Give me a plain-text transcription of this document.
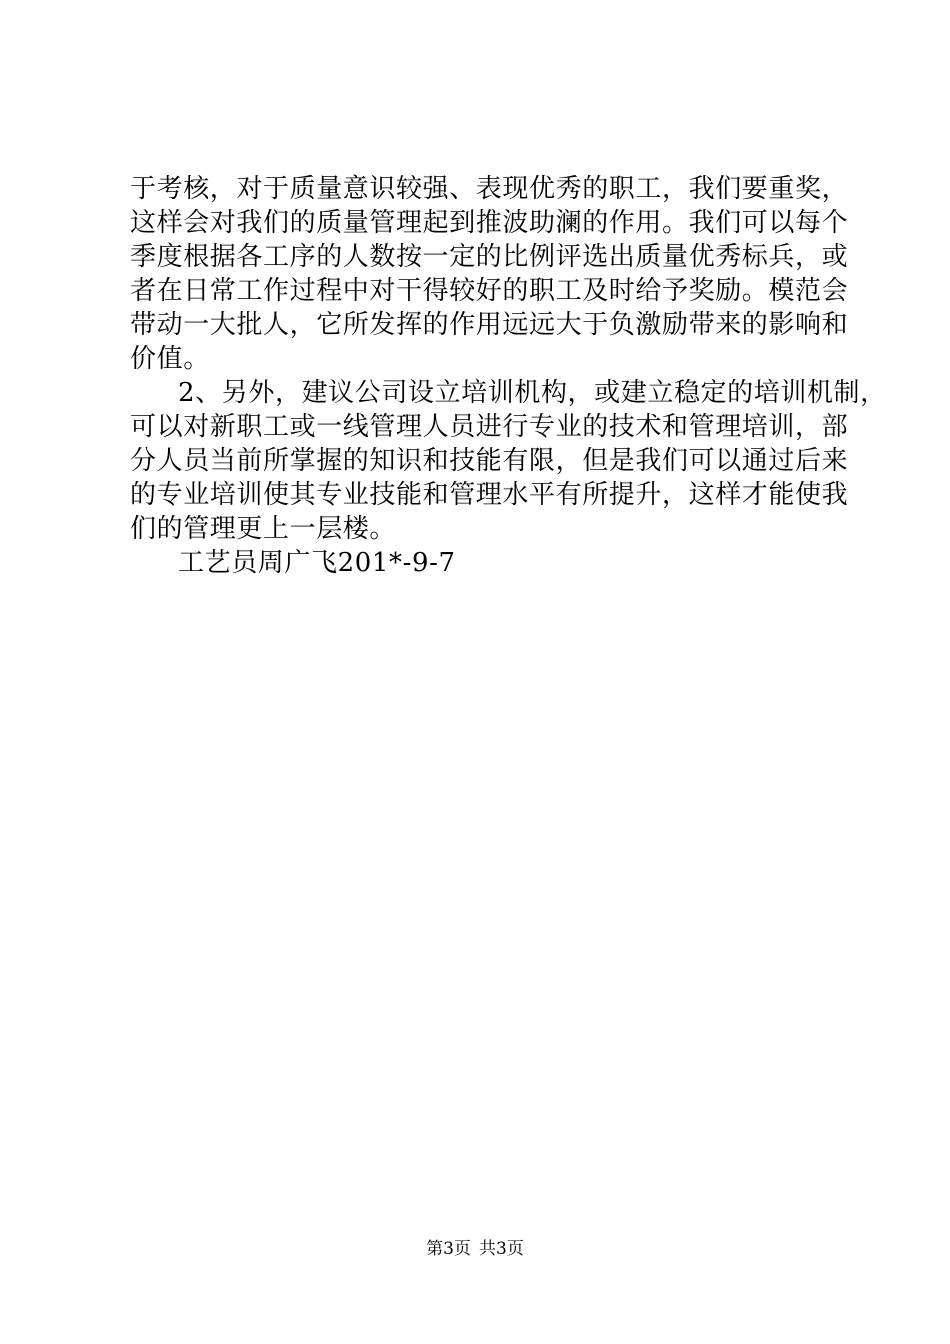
于考核，对于质量意识较强、表现优秀的职工，我们要重奖，
这样会对我们的质量管理起到推波助澜的作用。我们可以每个
季度根据各工序的人数按一定的比例评选出质量优秀标兵，或
者在日常工作过程中对干得较好的职工及时给予奖励。模范会
带动一大批人，它所发挥的作用远远大于负激励带来的影响和
价值。
2、另外，建议公司设立培训机构，或建立稳定的培训机制，
可以对新职工或一线管理人员进行专业的技术和管理培训，部
分人员当前所掌握的知识和技能有限，但是我们可以通过后来
的专业培训使其专业技能和管理水平有所提升，这样才能使我
们的管理更上一层楼。
工艺员周广飞201*-9-7
第3页 共3页
